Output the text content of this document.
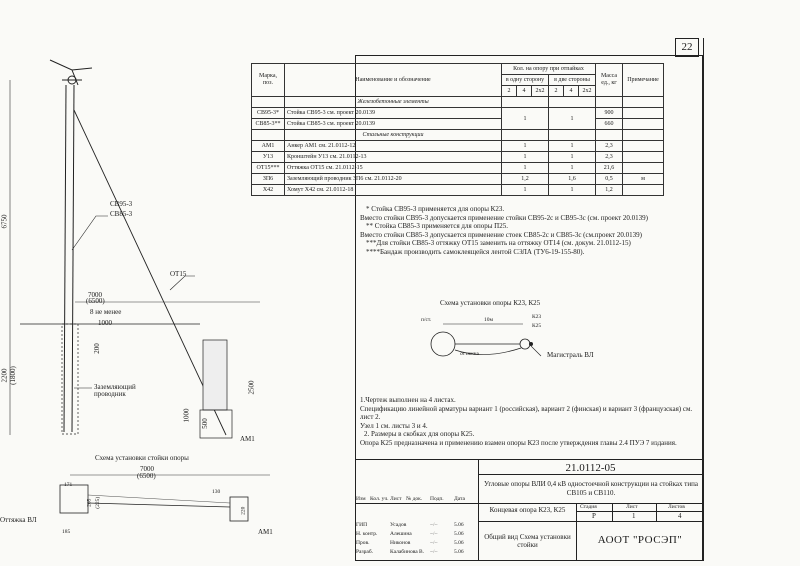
22
СВ95-3
СВ85-3
ОТ15
7000
(6500)
8 не менее
1000
200
Заземляющий проводник	2500
2200 (1800)
6750
500
1000
АМ1
Схема установки стойки опоры
7000
(6500)
171
185
265 (225)
130
220
АМ1
Оттяжка ВЛ
Марка, поз.	Наименование и обозначение	Кол. на опору при отпайках						Масса ед., кг	Примечание
		в одну сторону			в две стороны				
		2	4	2х2	2	4	2х2		
	Железобетонные элементы								
СВ95-3*	Стойка СВ95-3 см. проект 20.0139	1			1			900	
СВ85-3**	Стойка СВ85-3 см. проект 20.0139							660	
	Стальные конструкции								
АМ1	Анкер АМ1 см. 21.0112-12	1			1			2,3	
У13	Кронштейн У13 см. 21.0112-13	1			1			2,3	
ОТ15***	Оттяжка ОТ15 см. 21.0112-15	1			1			21,6	
ЗП6	Заземляющий проводник ЗП6 см. 21.0112-20	1,2			1,6			0,5	м
Х42	Хомут Х42 см. 21.0112-18	1			1			1,2	

* Стойка СВ95-3 применяется для опоры К23.

Вместо стойки СВ95-3 допускается применение стойки СВ95-2с и СВ95-3с (см. проект 20.0139)

** Стойка СВ85-3 применяется для опоры П25.

Вместо стойки СВ85-3 допускается применение стоек СВ85-2с и СВ85-3с (см.проект 20.0139)

***Для стойки СВ85-3 оттяжку ОТ15 заменить на оттяжку ОТ14 (см. докум. 21.0112-15)

****Бандаж производить самоклеящейся лентой СЭЛА (ТУ6-19-155-80).

Схема установки опоры К23, К25
п/ст.	10м	К23
К25
оттяжка	Магистраль ВЛ

1.Чертеж выполнен на 4 листах.

Спецификацию линейной арматуры вариант 1 (российская), вариант 2 (финская) и вариант 3 (французская) см. лист 2.

Узел 1 см. листы 3 и 4.

2. Размеры в скобках для опоры К25.

Опора К25 предназначена и применению взамен опоры К23 после утверждения главы 2.4 ПУЭ 7 издания.

21.0112-05
Угловые опоры ВЛИ 0,4 кВ одностоечной конструкции на стойках типа СВ105 и СВ110.
Изм Кол. уч. Лист № док.	Подп.	Дата
ГИП	Усадов	~/~	5.06
Н. контр.	Алешина	~/~	5.06
Пров.	Никонов	~/~	5.06
Разраб.	Калабинова В.	~/~	5.06
Концевая опора К23, К25
Общий вид Схема установки стойки
Стадия	Лист	Листов
Р	1	4
АООТ "РОСЭП"
